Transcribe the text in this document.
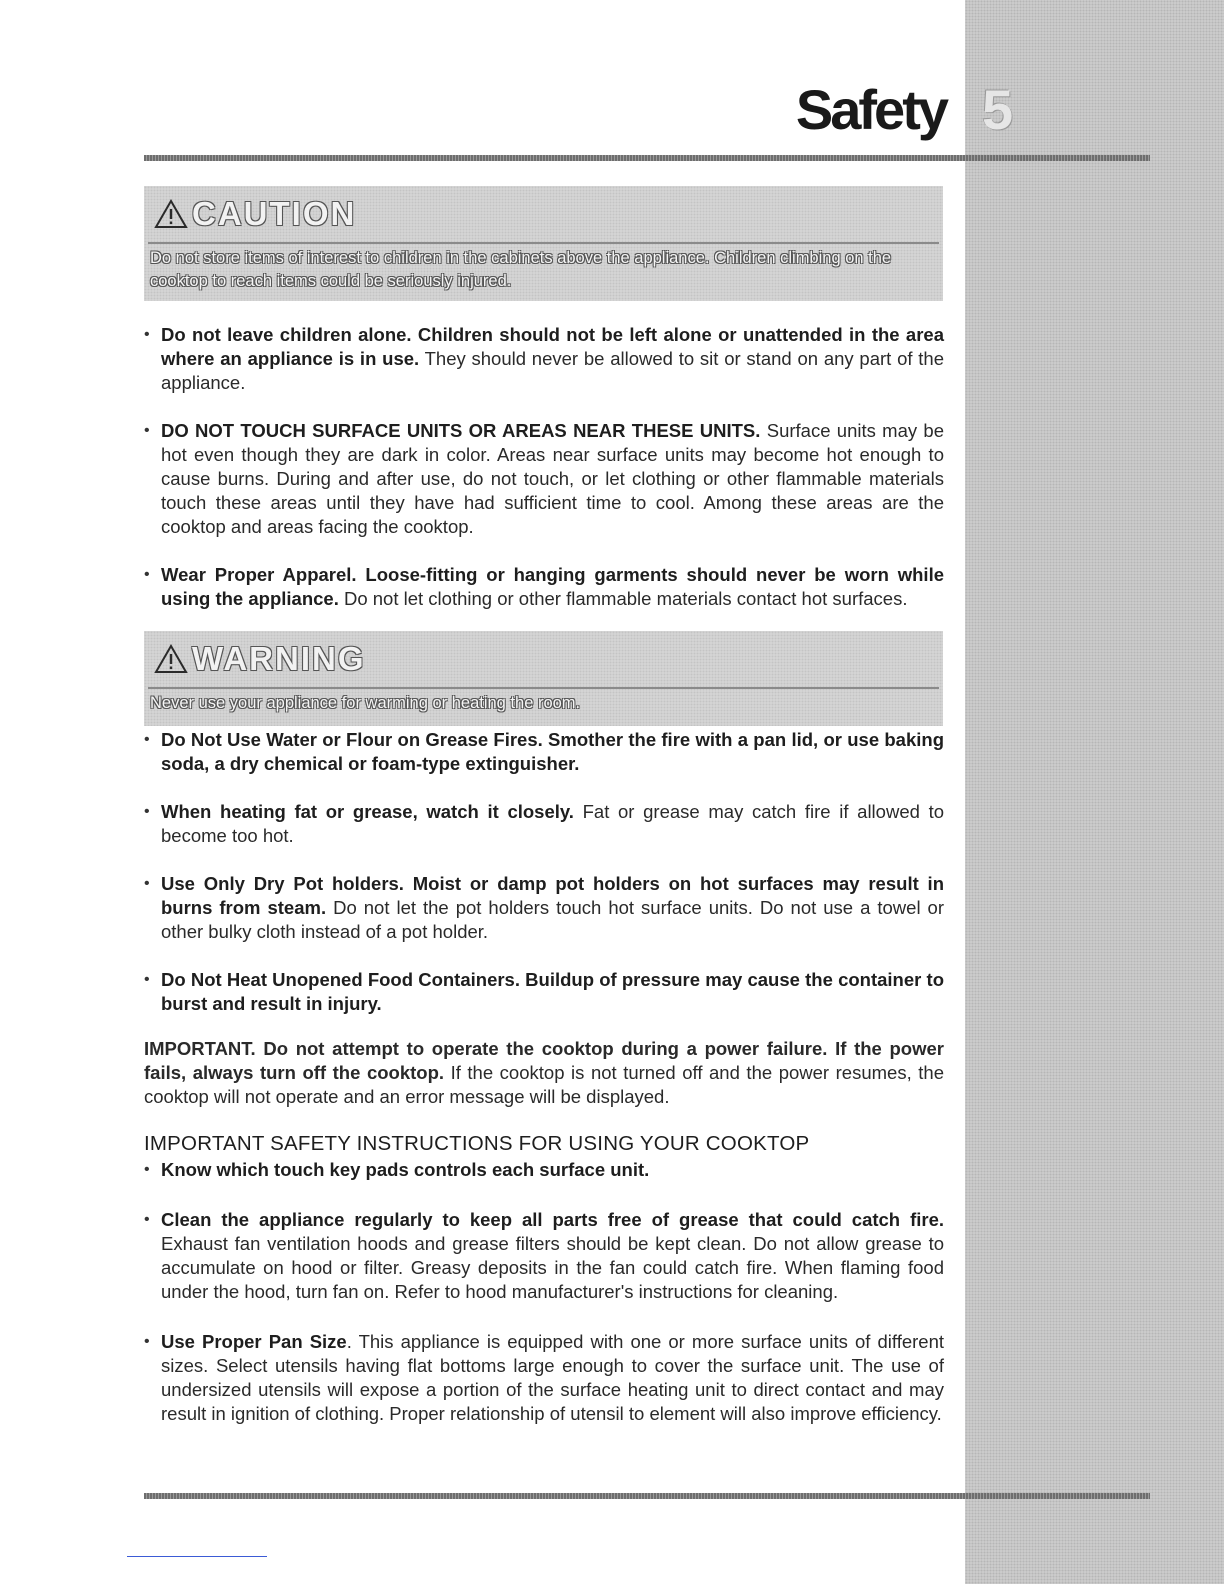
Safety 5
CAUTION
Do not store items of interest to children in the cabinets above the appliance. Children climbing on the cooktop to reach items could be seriously injured.
• Do not leave children alone. Children should not be left alone or unattended in the area where an appliance is in use. They should never be allowed to sit or stand on any part of the appliance.
• DO NOT TOUCH SURFACE UNITS OR AREAS NEAR THESE UNITS. Surface units may be hot even though they are dark in color. Areas near surface units may become hot enough to cause burns. During and after use, do not touch, or let clothing or other flammable materials touch these areas until they have had sufficient time to cool. Among these areas are the cooktop and areas facing the cooktop.
• Wear Proper Apparel. Loose-fitting or hanging garments should never be worn while using the appliance. Do not let clothing or other flammable materials contact hot surfaces.
WARNING
Never use your appliance for warming or heating the room.
• Do Not Use Water or Flour on Grease Fires. Smother the fire with a pan lid, or use baking soda, a dry chemical or foam-type extinguisher.
• When heating fat or grease, watch it closely. Fat or grease may catch fire if allowed to become too hot.
• Use Only Dry Pot holders. Moist or damp pot holders on hot surfaces may result in burns from steam. Do not let the pot holders touch hot surface units. Do not use a towel or other bulky cloth instead of a pot holder.
• Do Not Heat Unopened Food Containers. Buildup of pressure may cause the container to burst and result in injury.

IMPORTANT. Do not attempt to operate the cooktop during a power failure. If the power fails, always turn off the cooktop. If the cooktop is not turned off and the power resumes, the cooktop will not operate and an error message will be displayed.

IMPORTANT SAFETY INSTRUCTIONS FOR USING YOUR COOKTOP
• Know which touch key pads controls each surface unit.
• Clean the appliance regularly to keep all parts free of grease that could catch fire. Exhaust fan ventilation hoods and grease filters should be kept clean. Do not allow grease to accumulate on hood or filter. Greasy deposits in the fan could catch fire. When flaming food under the hood, turn fan on. Refer to hood manufacturer's instructions for cleaning.
• Use Proper Pan Size. This appliance is equipped with one or more surface units of different sizes. Select utensils having flat bottoms large enough to cover the surface unit. The use of undersized utensils will expose a portion of the surface heating unit to direct contact and may result in ignition of clothing. Proper relationship of utensil to element will also improve efficiency.
